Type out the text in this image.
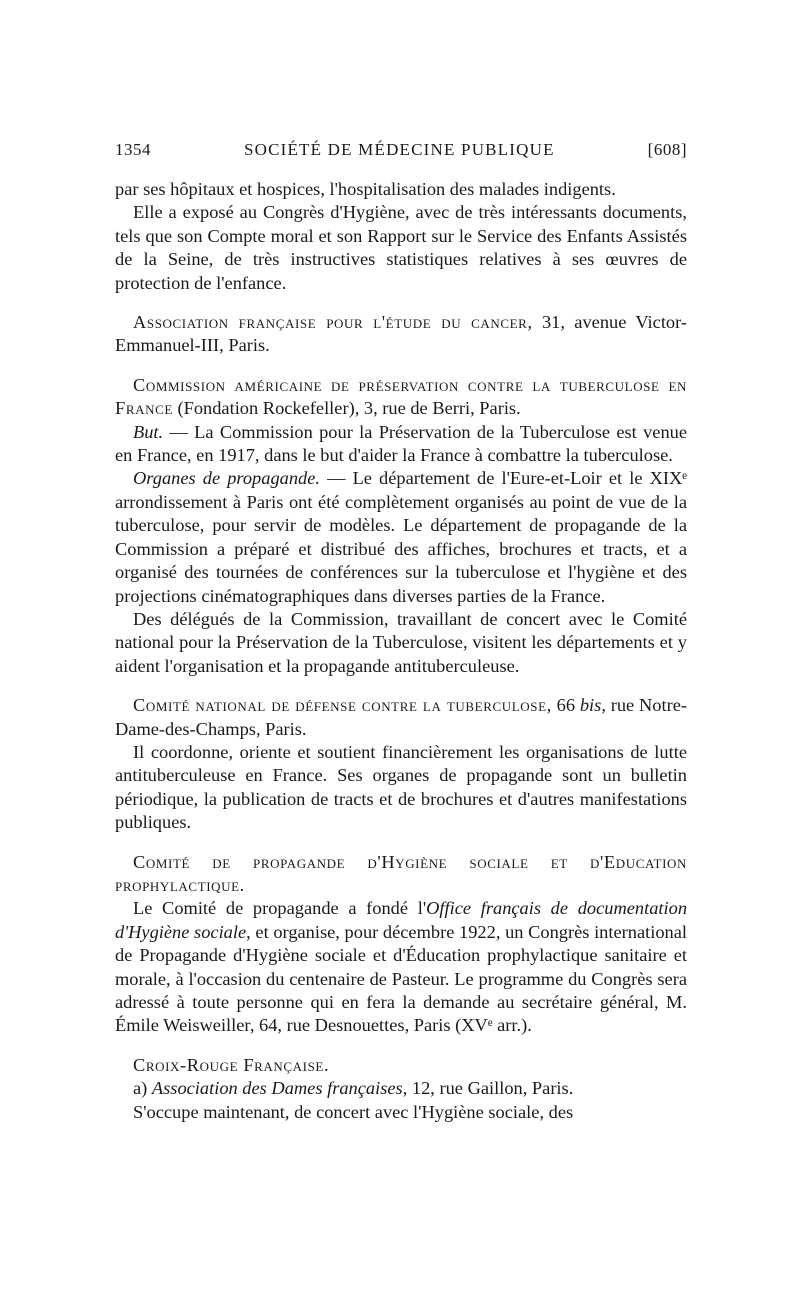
1354	SOCIÉTÉ DE MÉDECINE PUBLIQUE	[608]

par ses hôpitaux et hospices, l'hospitalisation des malades indigents.

Elle a exposé au Congrès d'Hygiène, avec de très intéressants documents, tels que son Compte moral et son Rapport sur le Service des Enfants Assistés de la Seine, de très instructives statistiques relatives à ses œuvres de protection de l'enfance.

Association française pour l'étude du cancer, 31, avenue Victor-Emmanuel-III, Paris.

Commission américaine de préservation contre la tuberculose en France (Fondation Rockefeller), 3, rue de Berri, Paris.

But. — La Commission pour la Préservation de la Tuberculose est venue en France, en 1917, dans le but d'aider la France à combattre la tuberculose.

Organes de propagande. — Le département de l'Eure-et-Loir et le XIXᵉ arrondissement à Paris ont été complètement organisés au point de vue de la tuberculose, pour servir de modèles. Le département de propagande de la Commission a préparé et distribué des affiches, brochures et tracts, et a organisé des tournées de conférences sur la tuberculose et l'hygiène et des projections cinématographiques dans diverses parties de la France.

Des délégués de la Commission, travaillant de concert avec le Comité national pour la Préservation de la Tuberculose, visitent les départements et y aident l'organisation et la propagande antituberculeuse.

Comité national de défense contre la tuberculose, 66 bis, rue Notre-Dame-des-Champs, Paris.

Il coordonne, oriente et soutient financièrement les organisations de lutte antituberculeuse en France. Ses organes de propagande sont un bulletin périodique, la publication de tracts et de brochures et d'autres manifestations publiques.

Comité de propagande d'Hygiène sociale et d'Education prophylactique.

Le Comité de propagande a fondé l'Office français de documentation d'Hygiène sociale, et organise, pour décembre 1922, un Congrès international de Propagande d'Hygiène sociale et d'Éducation prophylactique sanitaire et morale, à l'occasion du centenaire de Pasteur. Le programme du Congrès sera adressé à toute personne qui en fera la demande au secrétaire général, M. Émile Weisweiller, 64, rue Desnouettes, Paris (XVᵉ arr.).

Croix-Rouge Française.

a) Association des Dames françaises, 12, rue Gaillon, Paris.

S'occupe maintenant, de concert avec l'Hygiène sociale, des
